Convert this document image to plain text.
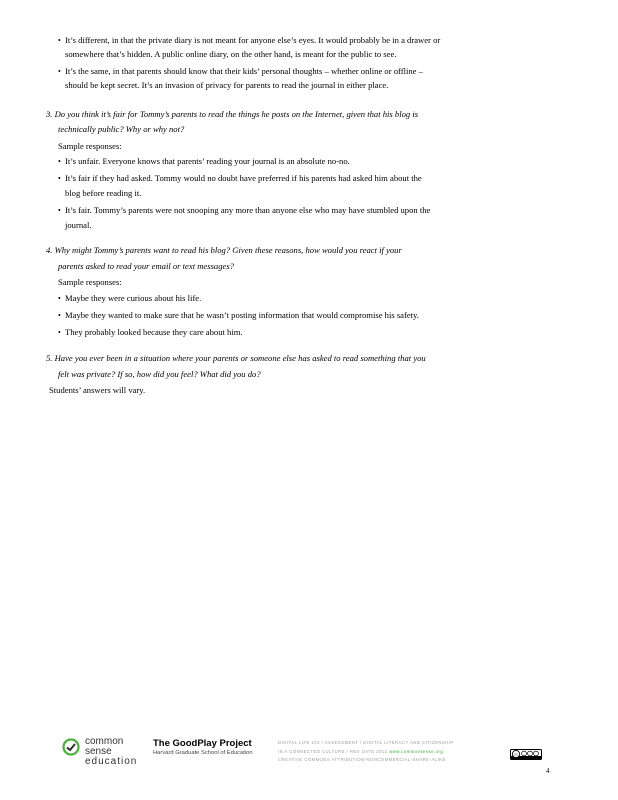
• It’s different, in that the private diary is not meant for anyone else’s eyes. It would probably be in a drawer or
somewhere that’s hidden. A public online diary, on the other hand, is meant for the public to see.
• It’s the same, in that parents should know that their kids’ personal thoughts – whether online or offline –
should be kept secret. It’s an invasion of privacy for parents to read the journal in either place.
3. Do you think it’s fair for Tommy’s parents to read the things he posts on the Internet, given that his blog is
technically public? Why or why not?
Sample responses:
• It’s unfair. Everyone knows that parents’ reading your journal is an absolute no-no.
• It’s fair if they had asked. Tommy would no doubt have preferred if his parents had asked him about the
blog before reading it.
• It’s fair. Tommy’s parents were not snooping any more than anyone else who may have stumbled upon the
journal.
4. Why might Tommy’s parents want to read his blog? Given these reasons, how would you react if your
parents asked to read your email or text messages?
Sample responses:
• Maybe they were curious about his life.
• Maybe they wanted to make sure that he wasn’t posting information that would compromise his safety.
• They probably looked because they care about him.
5. Have you ever been in a situation where your parents or someone else has asked to read something that you
felt was private? If so, how did you feel? What did you do?
Students’ answers will vary.
common
sense
education
The GoodPlay Project
Harvard Graduate School of Education
DIGITAL LIFE 101 / ASSESSMENT / DIGITAL LITERACY AND CITIZENSHIP
IN A CONNECTED CULTURE / REV DATE 2012 www.commonsense.org
CREATIVE COMMONS ATTRIBUTION-NONCOMMERCIAL-SHARE-ALIKE
cc
4
